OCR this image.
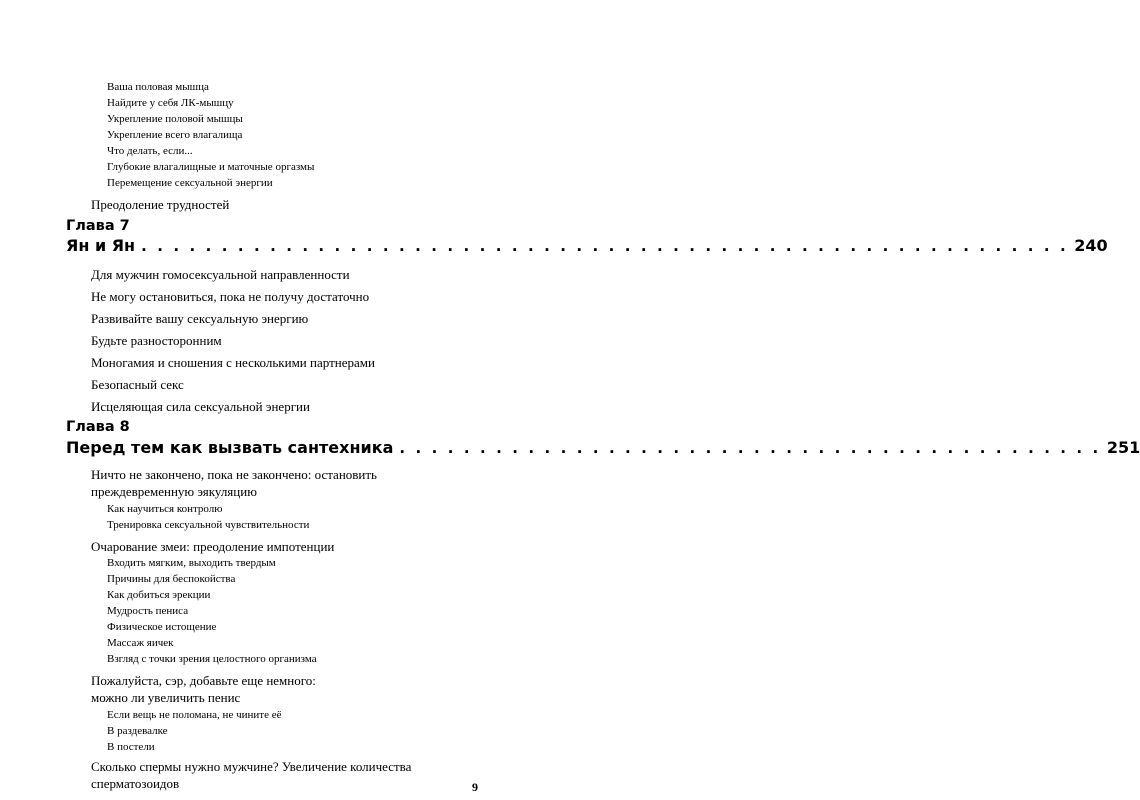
Ваша половая мышца
Найдите у себя ЛК-мышцу
Укрепление половой мышцы
Укрепление всего влагалища
Что делать, если...
Глубокие влагалищные и маточные оргазмы
Перемещение сексуальной энергии
Преодоление трудностей
Глава 7
Ян и Ян . . . . . . . . . . . . . . . . . . . . . . . . . . . . . . . . . . . . . . . . . . . . . . . . . . . . . . . . . . 240
Для мужчин гомосексуальной направленности
Не могу остановиться, пока не получу достаточно
Развивайте вашу сексуальную энергию
Будьте разносторонним
Моногамия и сношения с несколькими партнерами
Безопасный секс
Исцеляющая сила сексуальной энергии
Глава 8
Перед тем как вызвать сантехника . . . . . . . . . . . . . . . . . . . . . . . . . . . . . . . . . . . . . . . . . . . . 251
Ничто не закончено, пока не закончено: остановить
преждевременную эякуляцию
Как научиться контролю
Тренировка сексуальной чувствительности
Очарование змеи: преодоление импотенции
Входить мягким, выходить твердым
Причины для беспокойства
Как добиться эрекции
Мудрость пениса
Физическое истощение
Массаж яичек
Взгляд с точки зрения целостного организма
Пожалуйста, сэр, добавьте еще немного:
можно ли увеличить пенис
Если вещь не поломана, не чините её
В раздевалке
В постели
Сколько спермы нужно мужчине? Увеличение количества
сперматозоидов	9
